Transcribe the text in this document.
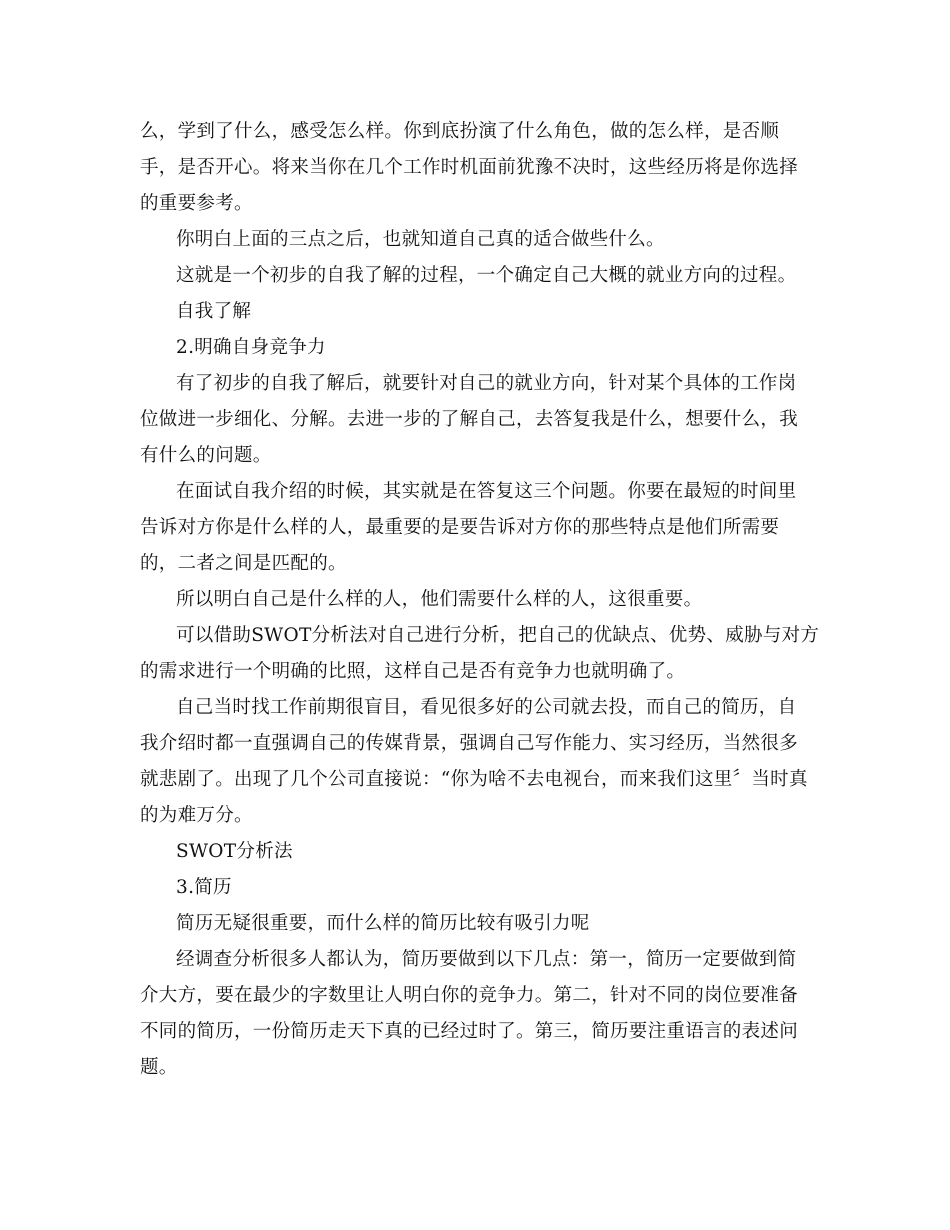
么，学到了什么，感受怎么样。你到底扮演了什么角色，做的怎么样，是否顺
手，是否开心。将来当你在几个工作时机面前犹豫不决时，这些经历将是你选择
的重要参考。
你明白上面的三点之后，也就知道自己真的适合做些什么。
这就是一个初步的自我了解的过程，一个确定自己大概的就业方向的过程。
自我了解
2.明确自身竞争力
有了初步的自我了解后，就要针对自己的就业方向，针对某个具体的工作岗
位做进一步细化、分解。去进一步的了解自己，去答复我是什么，想要什么，我
有什么的问题。
在面试自我介绍的时候，其实就是在答复这三个问题。你要在最短的时间里
告诉对方你是什么样的人，最重要的是要告诉对方你的那些特点是他们所需要
的，二者之间是匹配的。
所以明白自己是什么样的人，他们需要什么样的人，这很重要。
可以借助SWOT分析法对自己进行分析，把自己的优缺点、优势、威胁与对方
的需求进行一个明确的比照，这样自己是否有竞争力也就明确了。
自己当时找工作前期很盲目，看见很多好的公司就去投，而自己的简历，自
我介绍时都一直强调自己的传媒背景，强调自己写作能力、实习经历，当然很多
就悲剧了。出现了几个公司直接说：“你为啥不去电视台，而来我们这里〞当时真
的为难万分。
SWOT分析法
3.简历
简历无疑很重要，而什么样的简历比较有吸引力呢
经调查分析很多人都认为，简历要做到以下几点：第一，简历一定要做到简
介大方，要在最少的字数里让人明白你的竞争力。第二，针对不同的岗位要准备
不同的简历，一份简历走天下真的已经过时了。第三，简历要注重语言的表述问
题。
